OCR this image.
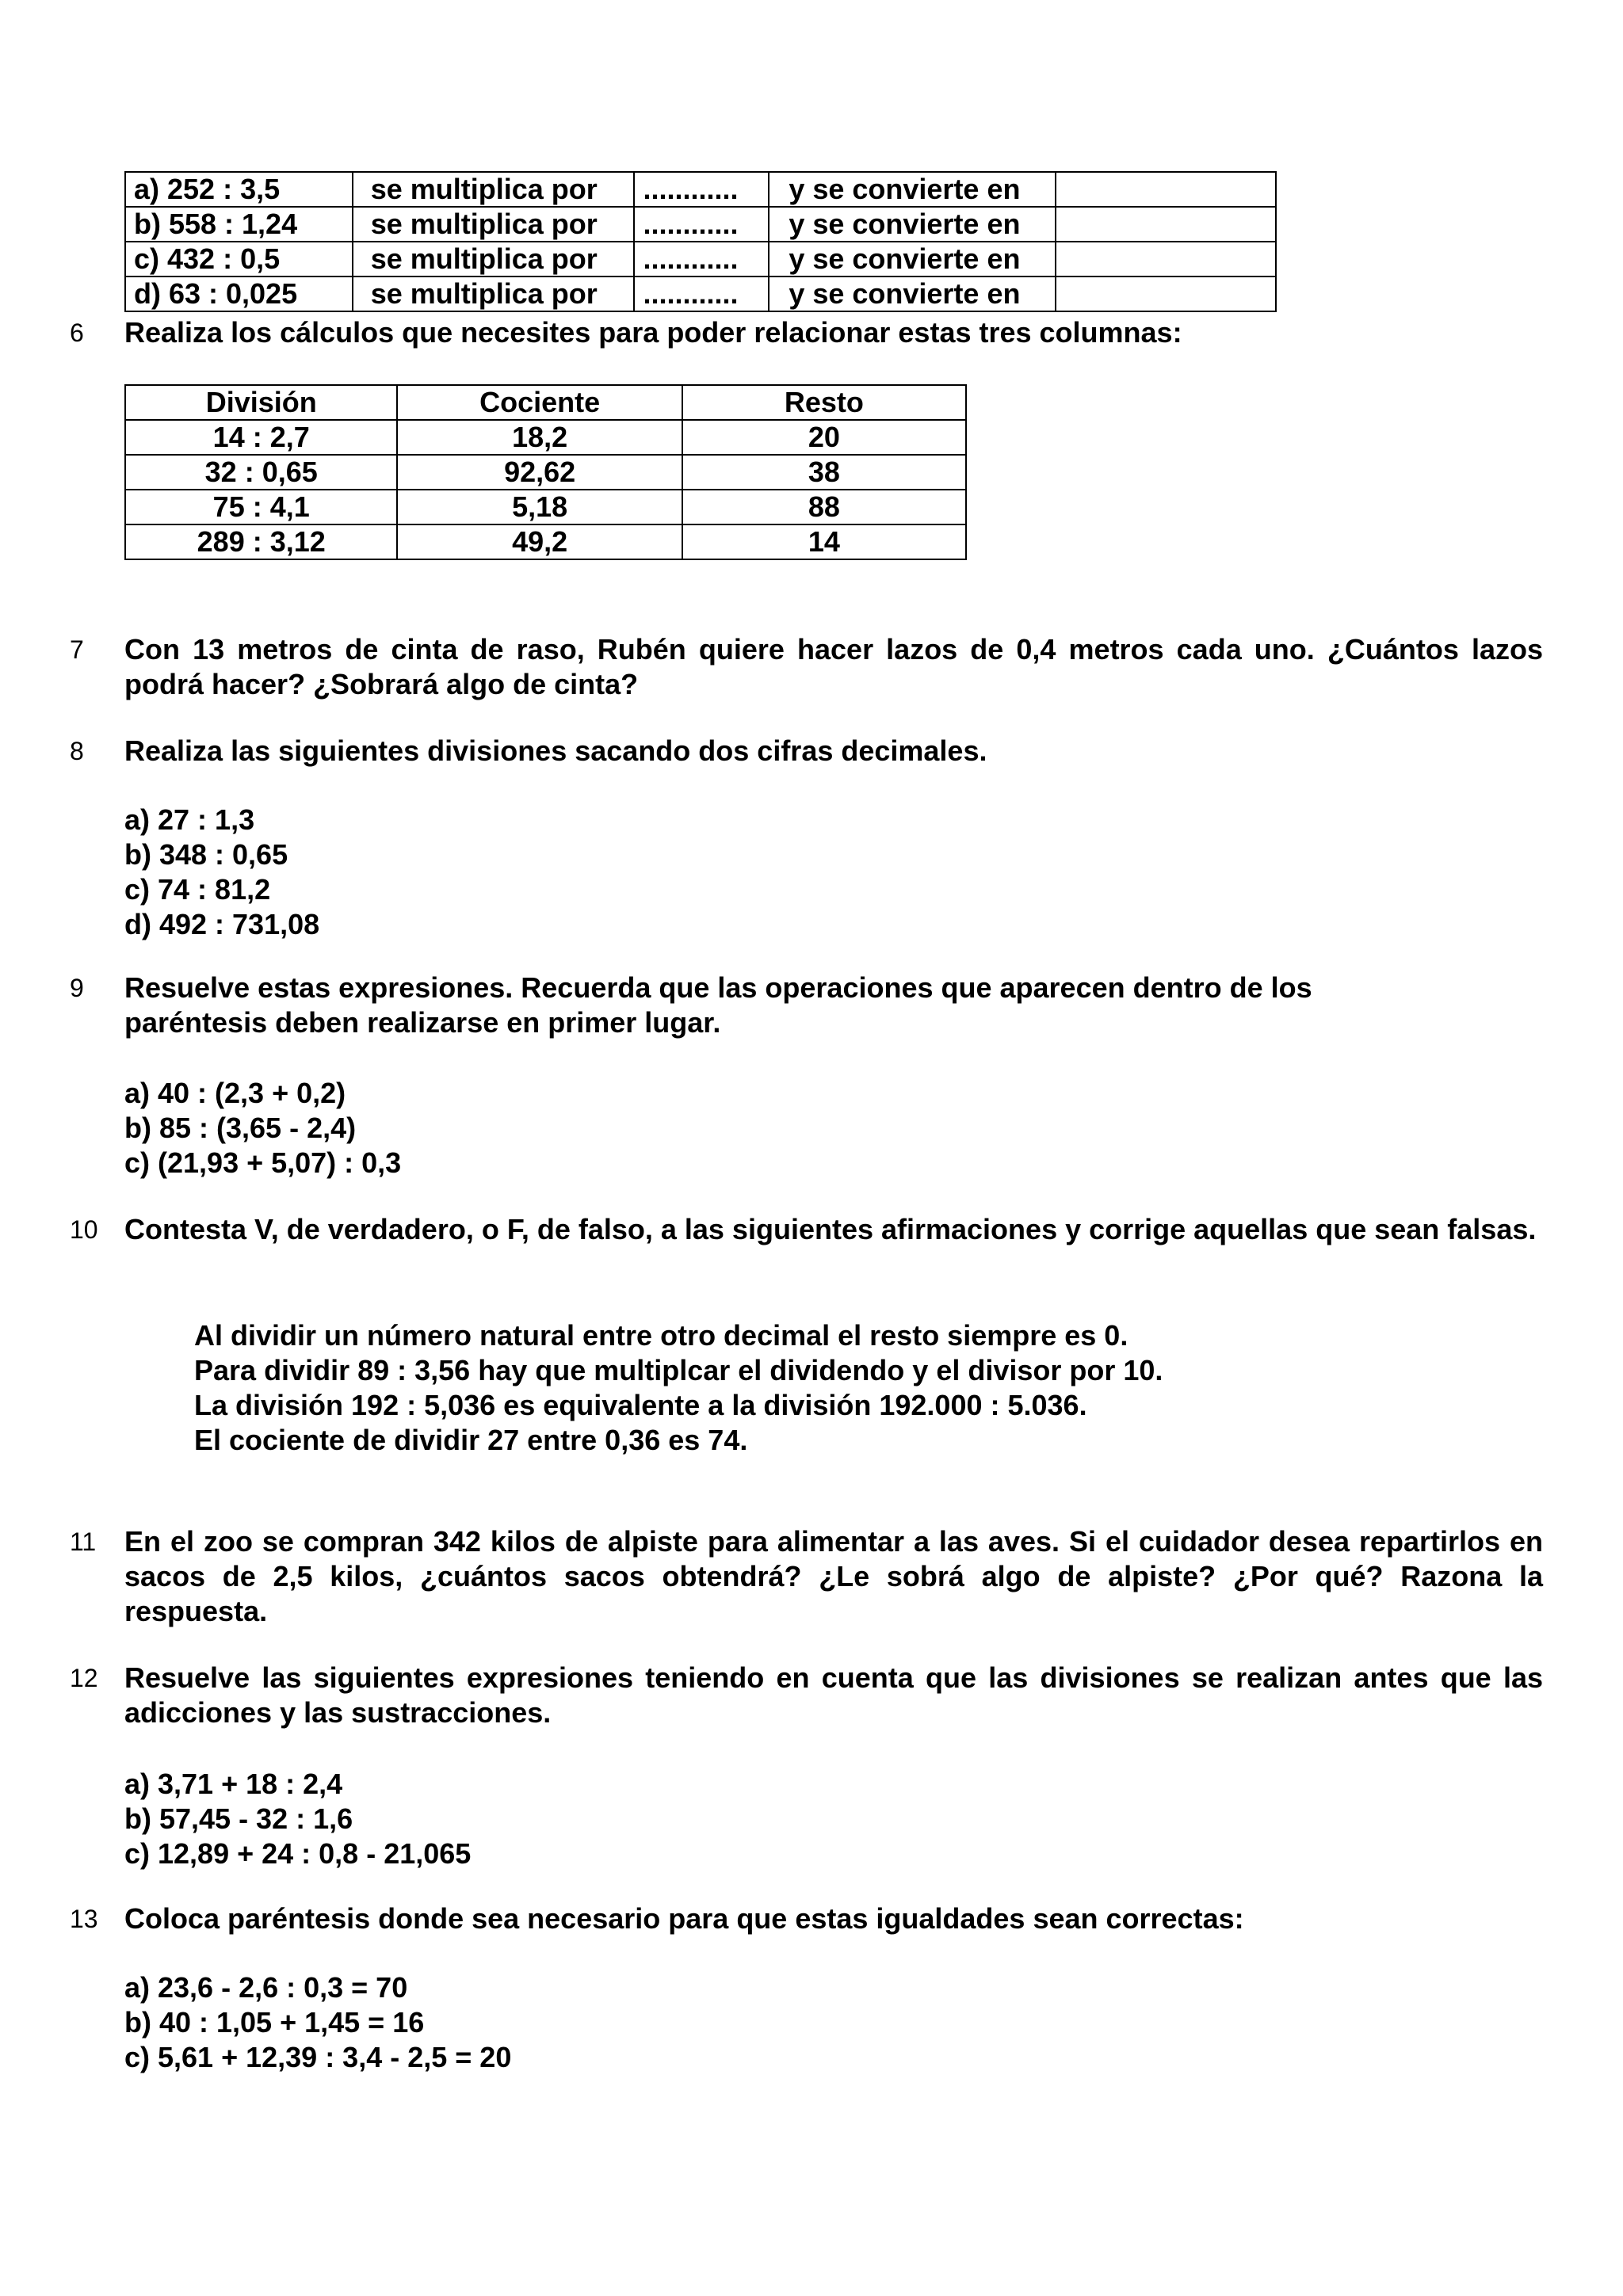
a) 252 : 3,5	se multiplica por	............	y se convierte en	
b) 558 : 1,24	se multiplica por	............	y se convierte en	
c) 432 : 0,5	se multiplica por	............	y se convierte en	
d) 63 : 0,025	se multiplica por	............	y se convierte en	
6 Realiza los cálculos que necesites para poder relacionar estas tres columnas:
División	Cociente	Resto
14 : 2,7	18,2	20
32 : 0,65	92,62	38
75 : 4,1	5,18	88
289 : 3,12	49,2	14
7 Con 13 metros de cinta de raso, Rubén quiere hacer lazos de 0,4 metros cada uno. ¿Cuántos lazos podrá hacer? ¿Sobrará algo de cinta?
8 Realiza las siguientes divisiones sacando dos cifras decimales.
a) 27 : 1,3
b) 348 : 0,65
c) 74 : 81,2
d) 492 : 731,08
9 Resuelve estas expresiones. Recuerda que las operaciones que aparecen dentro de los paréntesis deben realizarse en primer lugar.
a) 40 : (2,3 + 0,2)
b) 85 : (3,65 - 2,4)
c) (21,93 + 5,07) : 0,3
10 Contesta V, de verdadero, o F, de falso, a las siguientes afirmaciones y corrige aquellas que sean falsas.
Al dividir un número natural entre otro decimal el resto siempre es 0.
Para dividir 89 : 3,56 hay que multiplcar el dividendo y el divisor por 10.
La división 192 : 5,036 es equivalente a la división 192.000 : 5.036.
El cociente de dividir 27 entre 0,36 es 74.
11 En el zoo se compran 342 kilos de alpiste para alimentar a las aves. Si el cuidador desea repartirlos en sacos de 2,5 kilos, ¿cuántos sacos obtendrá? ¿Le sobrá algo de alpiste? ¿Por qué? Razona la respuesta.
12 Resuelve las siguientes expresiones teniendo en cuenta que las divisiones se realizan antes que las adicciones y las sustracciones.
a) 3,71 + 18 : 2,4
b) 57,45 - 32 : 1,6
c) 12,89 + 24 : 0,8 - 21,065
13 Coloca paréntesis donde sea necesario para que estas igualdades sean correctas:
a) 23,6 - 2,6 : 0,3 = 70
b) 40 : 1,05 + 1,45 = 16
c) 5,61 + 12,39 : 3,4 - 2,5 = 20
